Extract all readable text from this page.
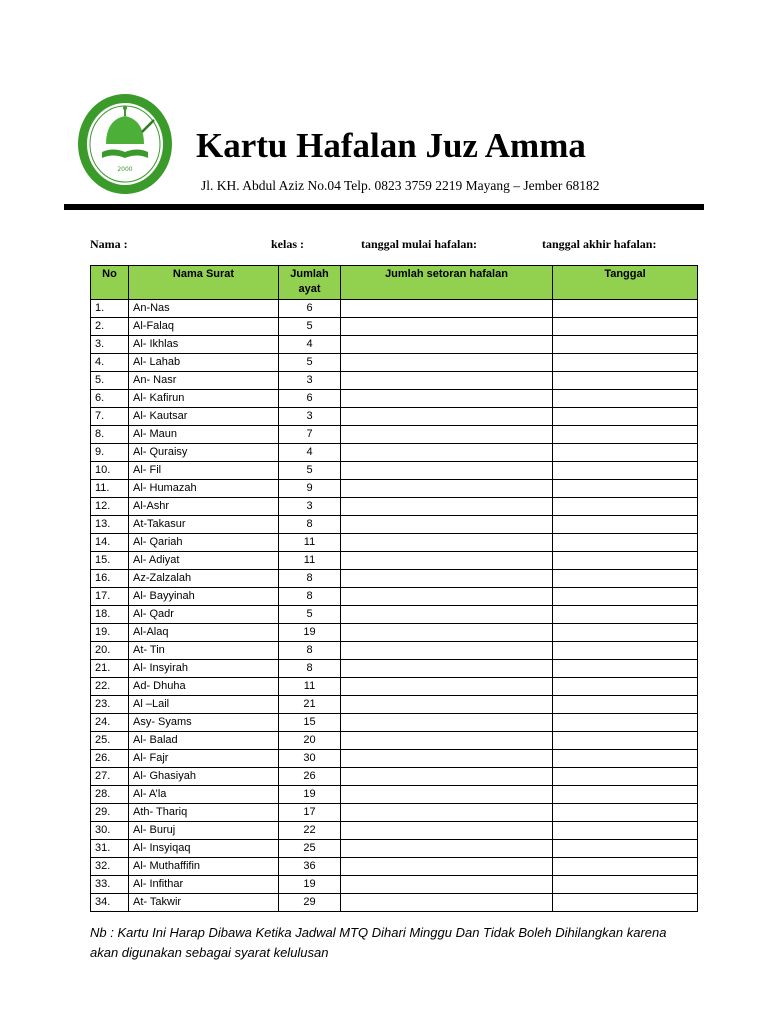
2000
Kartu Hafalan Juz Amma
Jl. KH. Abdul Aziz No.04 Telp. 0823 3759 2219 Mayang – Jember 68182
Nama :	kelas :	tanggal mulai hafalan:	tanggal akhir hafalan:
No	Nama Surat	Jumlah ayat	Jumlah setoran hafalan	Tanggal
1.	An-Nas	6		
2.	Al-Falaq	5		
3.	Al- Ikhlas	4		
4.	Al- Lahab	5		
5.	An- Nasr	3		
6.	Al- Kafirun	6		
7.	Al- Kautsar	3		
8.	Al- Maun	7		
9.	Al- Quraisy	4		
10.	Al- Fil	5		
11.	Al- Humazah	9		
12.	Al-Ashr	3		
13.	At-Takasur	8		
14.	Al- Qariah	11		
15.	Al- Adiyat	11		
16.	Az-Zalzalah	8		
17.	Al- Bayyinah	8		
18.	Al- Qadr	5		
19.	Al-Alaq	19		
20.	At- Tin	8		
21.	Al- Insyirah	8		
22.	Ad- Dhuha	11		
23.	Al –Lail	21		
24.	Asy- Syams	15		
25.	Al- Balad	20		
26.	Al- Fajr	30		
27.	Al- Ghasiyah	26		
28.	Al- A’la	19		
29.	Ath- Thariq	17		
30.	Al- Buruj	22		
31.	Al- Insyiqaq	25		
32.	Al- Muthaffifin	36		
33.	Al- Infithar	19		
34.	At- Takwir	29		
Nb : Kartu Ini Harap Dibawa Ketika Jadwal MTQ Dihari Minggu Dan Tidak Boleh Dihilangkan karena akan digunakan sebagai syarat kelulusan
